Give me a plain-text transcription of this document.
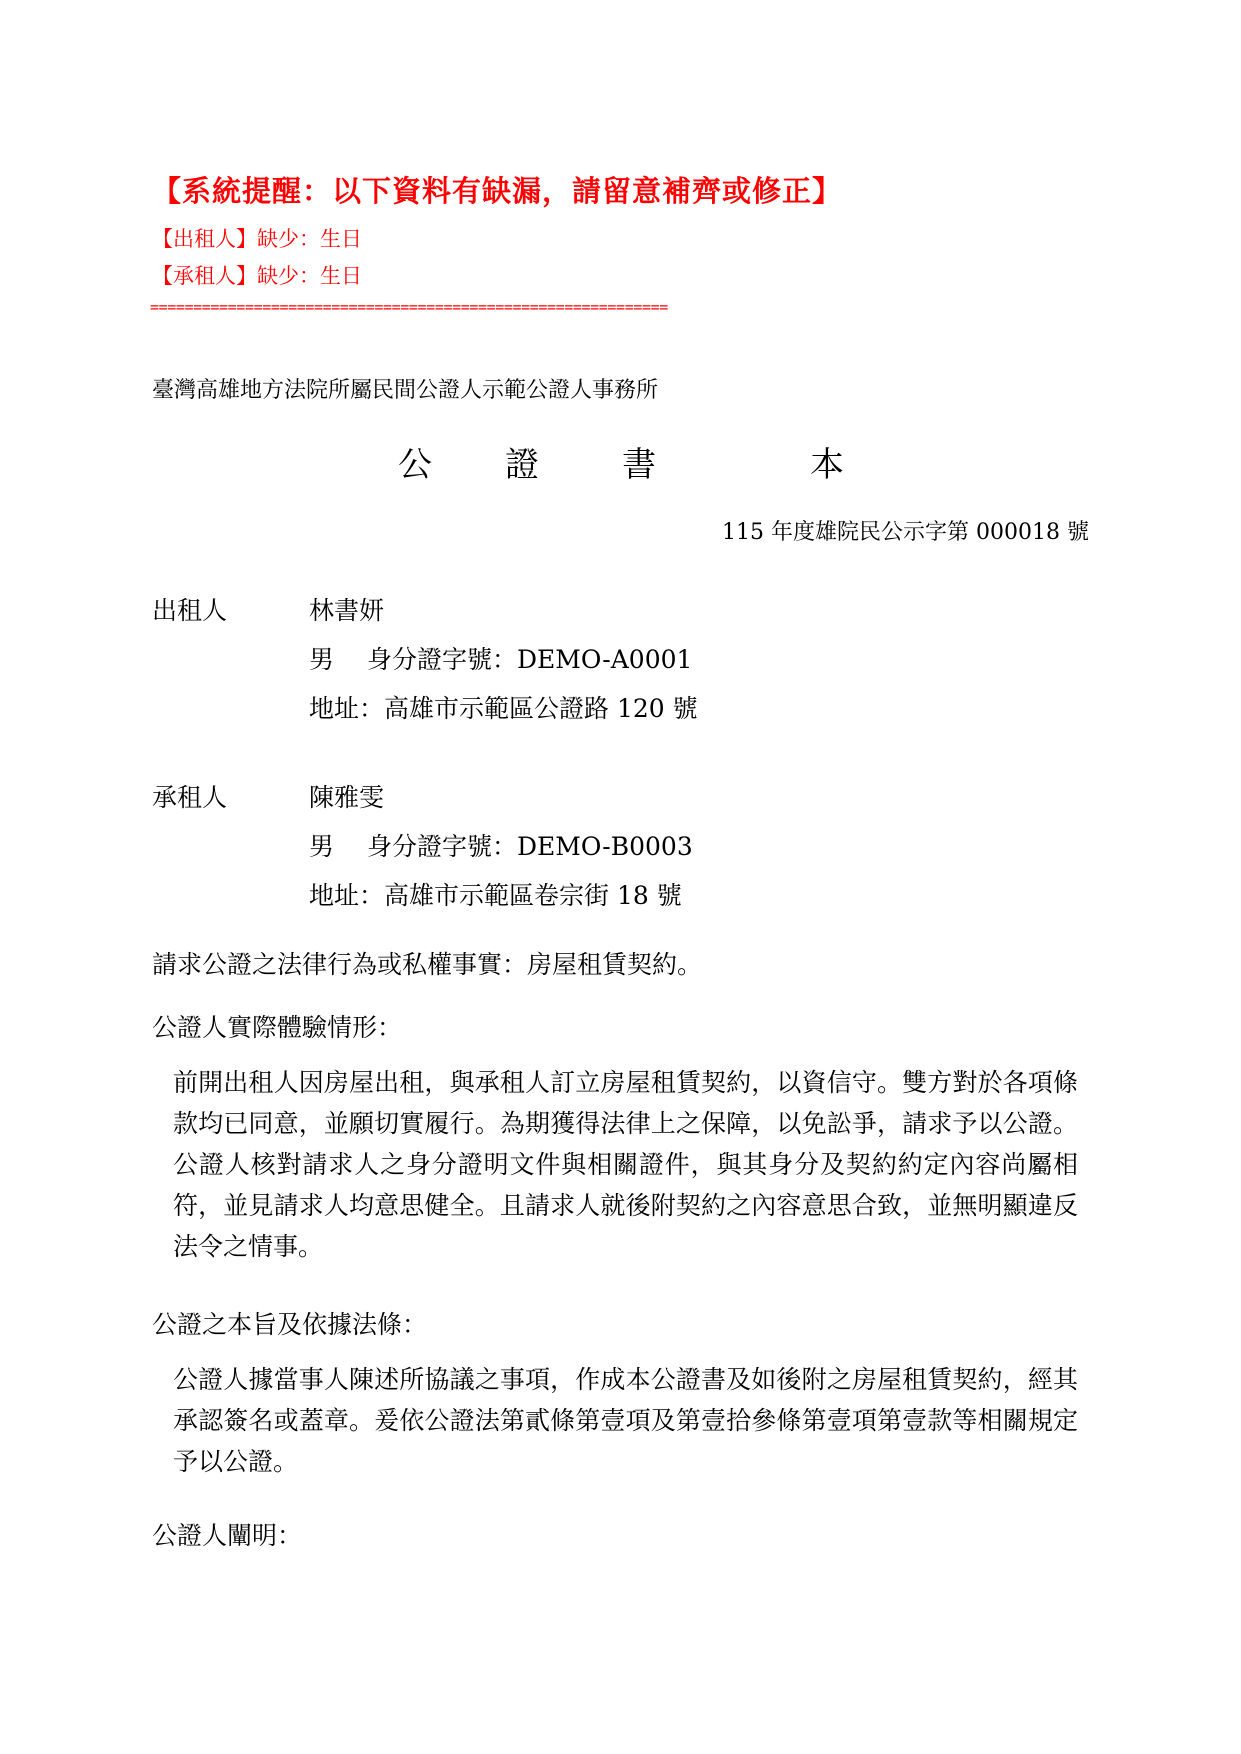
【系統提醒：以下資料有缺漏，請留意補齊或修正】
【出租人】缺少：生日
【承租人】缺少：生日
============================================================
臺灣高雄地方法院所屬民間公證人示範公證人事務所
公 證 書	本
115 年度雄院民公示字第 000018 號
出租人	林書妍
男 身分證字號：DEMO-A0001
地址：高雄市示範區公證路 120 號
承租人	陳雅雯
男 身分證字號：DEMO-B0003
地址：高雄市示範區卷宗街 18 號
請求公證之法律行為或私權事實：房屋租賃契約。
公證人實際體驗情形：
前開出租人因房屋出租，與承租人訂立房屋租賃契約，以資信守。雙方對於各項條款均已同意，並願切實履行。為期獲得法律上之保障，以免訟爭，請求予以公證。公證人核對請求人之身分證明文件與相關證件，與其身分及契約約定內容尚屬相符，並見請求人均意思健全。且請求人就後附契約之內容意思合致，並無明顯違反法令之情事。
公證之本旨及依據法條：
公證人據當事人陳述所協議之事項，作成本公證書及如後附之房屋租賃契約，經其承認簽名或蓋章。爰依公證法第貳條第壹項及第壹拾參條第壹項第壹款等相關規定予以公證。
公證人闡明：
